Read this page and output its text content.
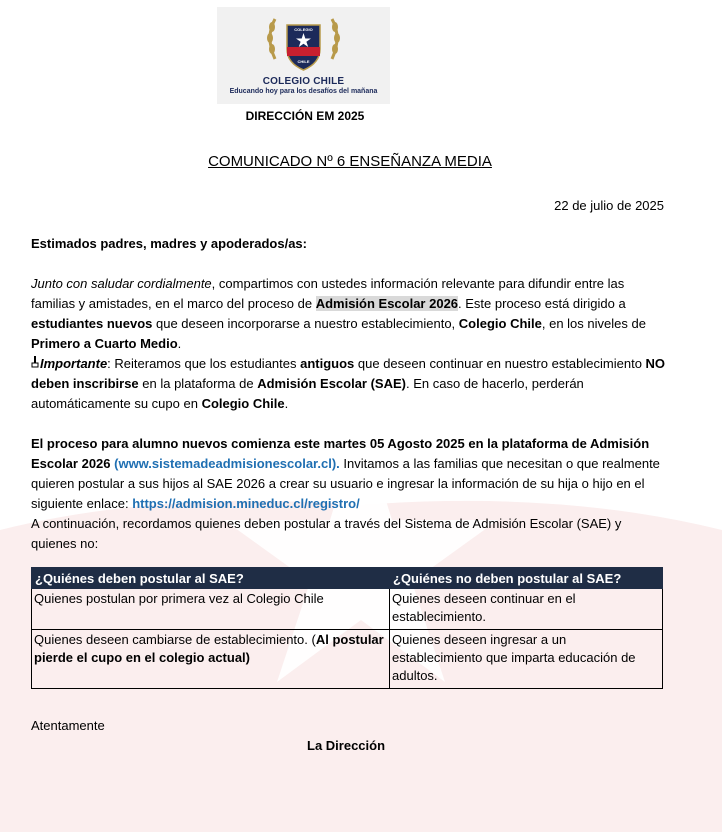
COLEGIO
CHILE
COLEGIO CHILE
Educando hoy para los desafíos del mañana
DIRECCIÓN EM 2025
COMUNICADO Nº 6 ENSEÑANZA MEDIA
22 de julio de 2025
Estimados padres, madres y apoderados/as:
Junto con saludar cordialmente, compartimos con ustedes información relevante para difundir entre las familias y amistades, en el marco del proceso de Admisión Escolar 2026. Este proceso está dirigido a estudiantes nuevos que deseen incorporarse a nuestro establecimiento, Colegio Chile, en los niveles de Primero a Cuarto Medio.
Importante: Reiteramos que los estudiantes antiguos que deseen continuar en nuestro establecimiento NO deben inscribirse en la plataforma de Admisión Escolar (SAE). En caso de hacerlo, perderán automáticamente su cupo en Colegio Chile.
El proceso para alumno nuevos comienza este martes 05 Agosto 2025 en la plataforma de Admisión Escolar 2026 (www.sistemadeadmisionescolar.cl). Invitamos a las familias que necesitan o que realmente quieren postular a sus hijos al SAE 2026 a crear su usuario e ingresar la información de su hija o hijo en el siguiente enlace: https://admision.mineduc.cl/registro/
A continuación, recordamos quienes deben postular a través del Sistema de Admisión Escolar (SAE) y quienes no:
¿Quiénes deben postular al SAE?	¿Quiénes no deben postular al SAE?
Quienes postulan por primera vez al Colegio Chile	Quienes deseen continuar en el establecimiento.
Quienes deseen cambiarse de establecimiento. (Al postular pierde el cupo en el colegio actual)	Quienes deseen ingresar a un establecimiento que imparta educación de adultos.
Atentamente
La Dirección
